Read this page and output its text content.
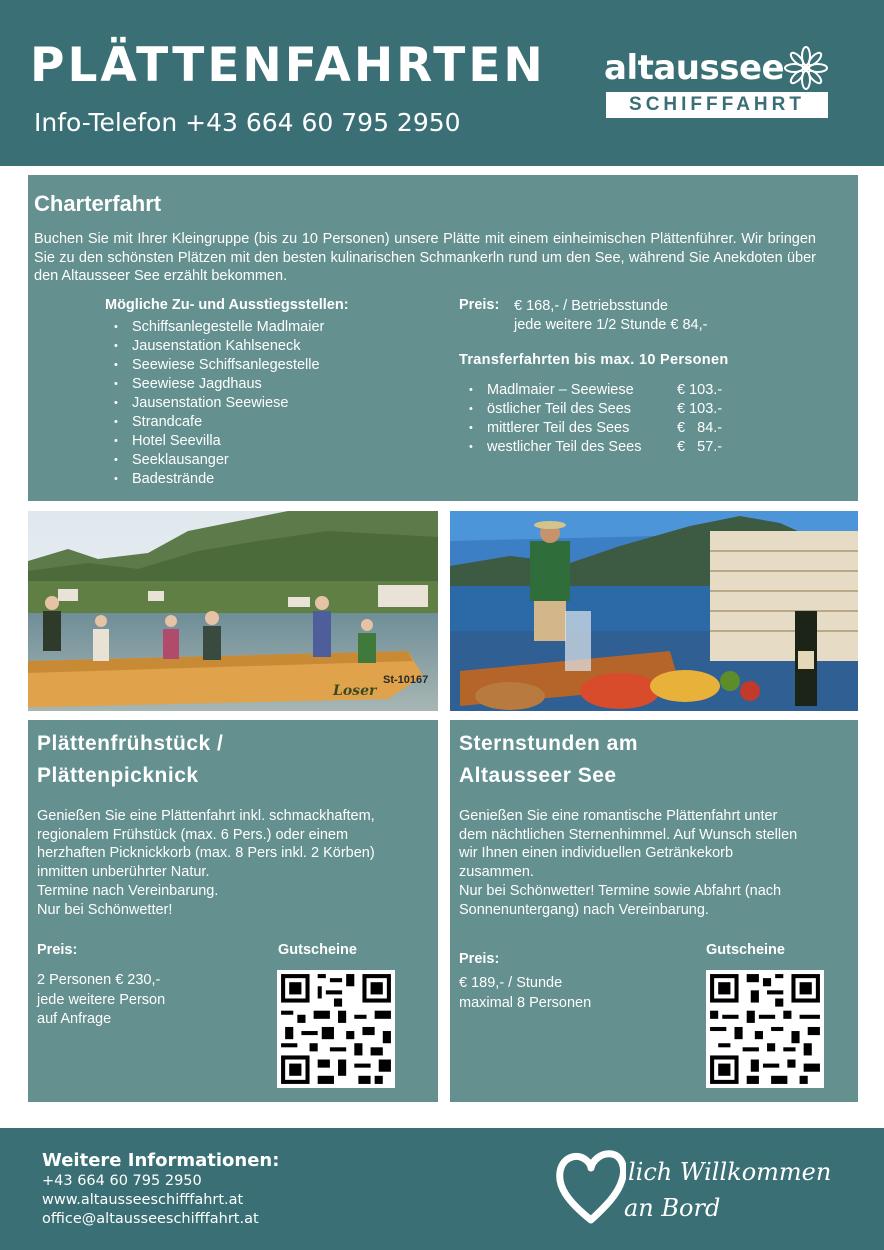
PLÄTTENFAHRTEN
Info-Telefon +43 664 60 795 2950
altaussee
SCHIFFFAHRT
Charterfahrt

Buchen Sie mit Ihrer Kleingruppe (bis zu 10 Personen) unsere Plätte mit einem einheimischen Plättenführer. Wir bringen Sie zu den schönsten Plätzen mit den besten kulinarischen Schmankerln rund um den See, während Sie Anekdoten über den Altausseer See erzählt bekommen.

Mögliche Zu- und Ausstiegsstellen:
• Schiffsanlegestelle Madlmaier
• Jausenstation Kahlseneck
• Seewiese Schiffsanlegestelle
• Seewiese Jagdhaus
• Jausenstation Seewiese
• Strandcafe
• Hotel Seevilla
• Seeklausanger
• Badestrände
Preis: € 168,- / Betriebsstunde
jede weitere 1/2 Stunde € 84,-
Transferfahrten bis max. 10 Personen
• Madlmaier – Seewiese	€ 103.-
• östlicher Teil des Sees	€ 103.-
• mittlerer Teil des Sees	€   84.-
• westlicher Teil des Sees €   57.-
Loser
St-10167
Plättenfrühstück /
Plättenpicknick
Genießen Sie eine Plättenfahrt inkl. schmackhaftem,
regionalem Frühstück (max. 6 Pers.) oder einem
herzhaften Picknickkorb (max. 8 Pers inkl. 2 Körben)
inmitten unberührter Natur.
Termine nach Vereinbarung.
Nur bei Schönwetter!
Preis:
2 Personen € 230,-
jede weitere Person
auf Anfrage
Gutscheine
Sternstunden am
Altausseer See
Genießen Sie eine romantische Plättenfahrt unter
dem nächtlichen Sternenhimmel. Auf Wunsch stellen
wir Ihnen einen individuellen Getränkekorb
zusammen.
Nur bei Schönwetter! Termine sowie Abfahrt (nach
Sonnenuntergang) nach Vereinbarung.
Preis:
€ 189,- / Stunde
maximal 8 Personen
Gutscheine
Weitere Informationen:
+43 664 60 795 2950
www.altausseeschifffahrt.at
office@altausseeschifffahrt.at
lich Willkommen
an Bord
